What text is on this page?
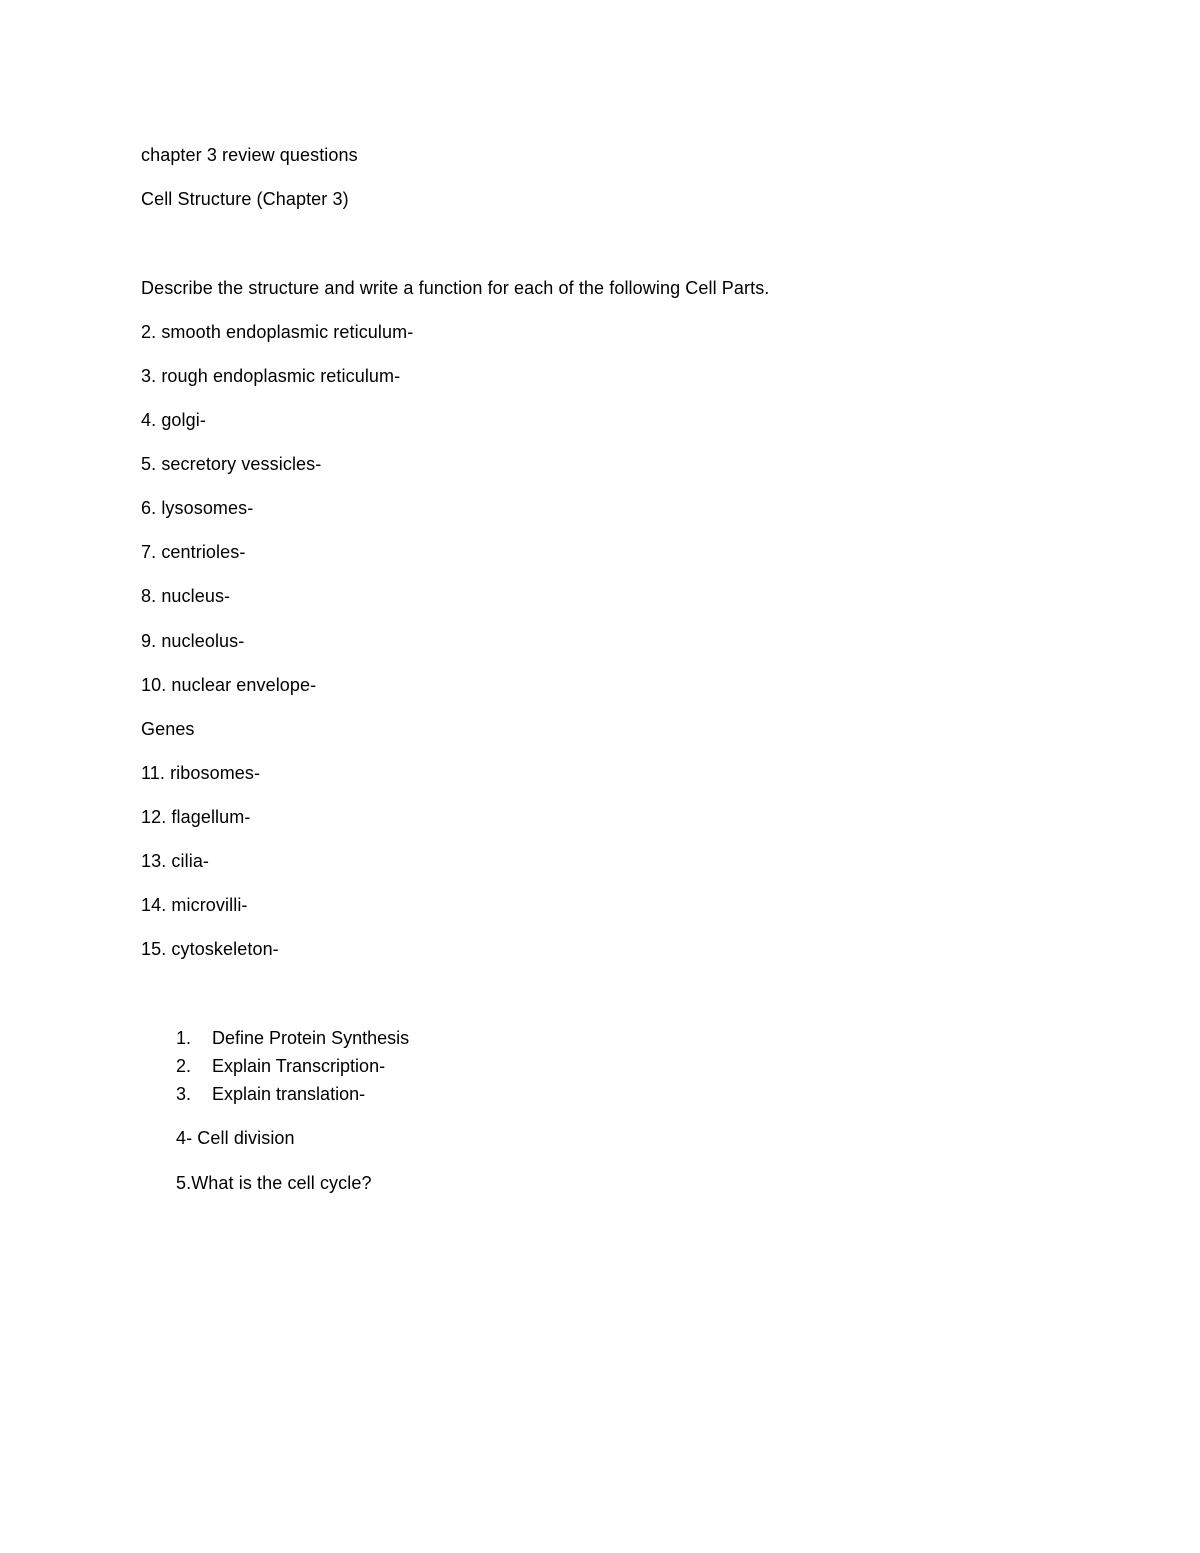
chapter 3 review questions
Cell Structure (Chapter 3)
Describe the structure and write a function for each of the following Cell Parts.
2. smooth endoplasmic reticulum-
3. rough endoplasmic reticulum-
4. golgi-
5. secretory vessicles-
6. lysosomes-
7. centrioles-
8. nucleus-
9. nucleolus-
10. nuclear envelope-
Genes
11. ribosomes-
12. flagellum-
13. cilia-
14. microvilli-
15. cytoskeleton-
1. Define Protein Synthesis
2. Explain Transcription-
3. Explain translation-
4- Cell division
5.What is the cell cycle?
